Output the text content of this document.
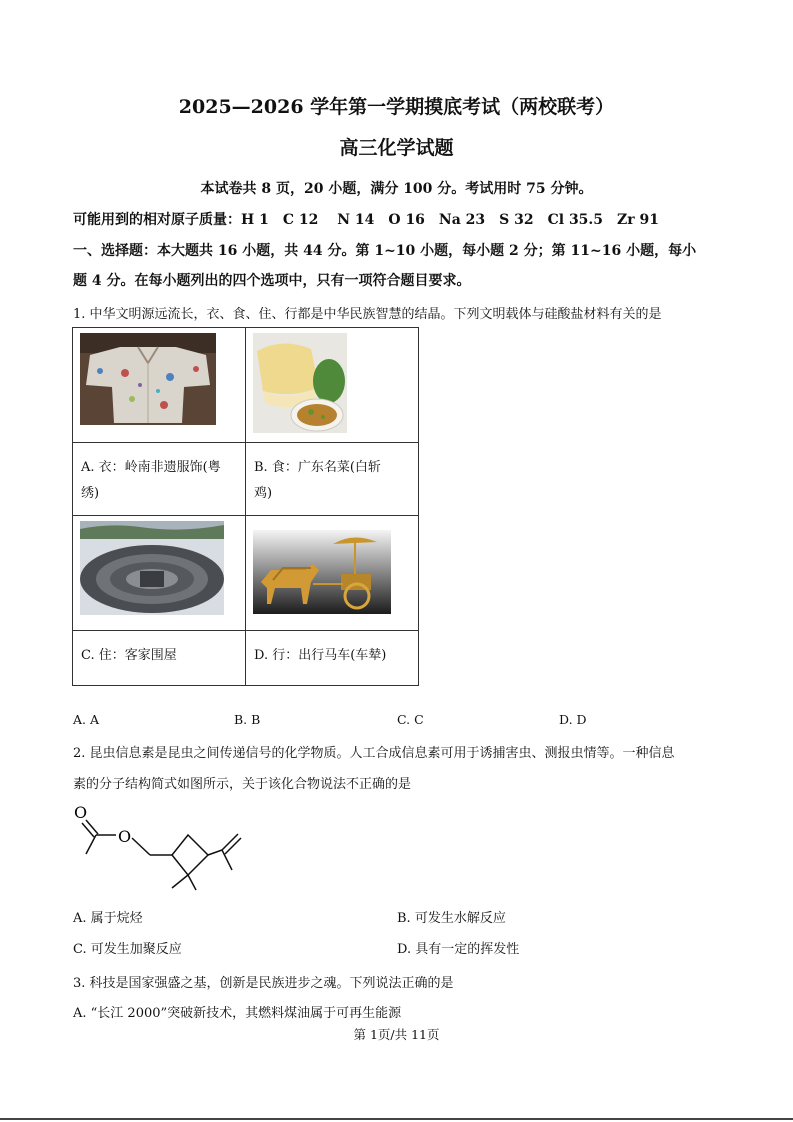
2025—2026 学年第一学期摸底考试（两校联考）
高三化学试题
本试卷共 8 页，20 小题，满分 100 分。考试用时 75 分钟。
可能用到的相对原子质量：H 1　C 12　 N 14　O 16　Na 23　S 32　Cl 35.5　Zr 91
一、选择题：本大题共 16 小题，共 44 分。第 1~10 小题，每小题 2 分；第 11~16 小题，每小
题 4 分。在每小题列出的四个选项中，只有一项符合题目要求。
1. 中华文明源远流长，衣、食、住、行都是中华民族智慧的结晶。下列文明载体与硅酸盐材料有关的是

A. 衣：岭南非遗服饰(粤
绣)	B. 食：广东名菜(白斩
鸡)

C. 住：客家围屋	D. 行：出行马车(车辇)
A. A	B. B	C. C	D. D
2. 昆虫信息素是昆虫之间传递信号的化学物质。人工合成信息素可用于诱捕害虫、测报虫情等。一种信息
素的分子结构简式如图所示，关于该化合物说法不正确的是
O
O
A. 属于烷烃	B. 可发生水解反应
C. 可发生加聚反应	D. 具有一定的挥发性
3. 科技是国家强盛之基，创新是民族进步之魂。下列说法正确的是
A. “长江 2000”突破新技术，其燃料煤油属于可再生能源
第 1页/共 11页
